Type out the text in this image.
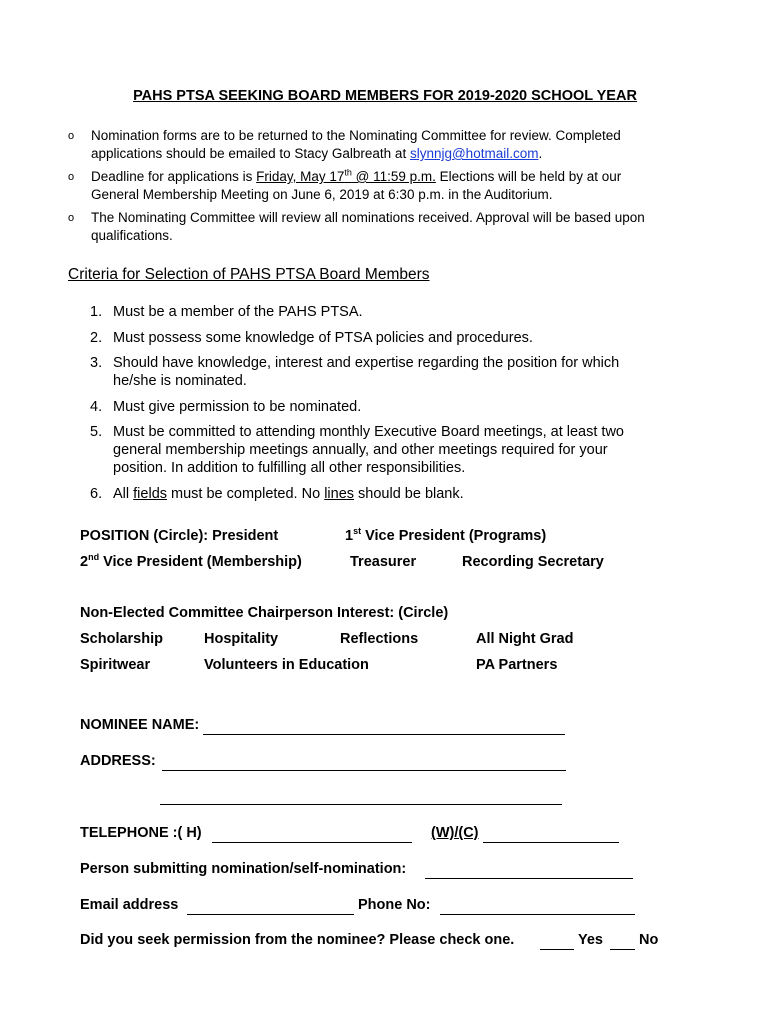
PAHS PTSA SEEKING BOARD MEMBERS FOR 2019-2020 SCHOOL YEAR
o Nomination forms are to be returned to the Nominating Committee for review. Completed
applications should be emailed to Stacy Galbreath at slynnjg@hotmail.com.
o Deadline for applications is Friday, May 17th @ 11:59 p.m. Elections will be held by at our
General Membership Meeting on June 6, 2019 at 6:30 p.m. in the Auditorium.
o The Nominating Committee will review all nominations received. Approval will be based upon
qualifications.
Criteria for Selection of PAHS PTSA Board Members
1. Must be a member of the PAHS PTSA.
2. Must possess some knowledge of PTSA policies and procedures.
3. Should have knowledge, interest and expertise regarding the position for which
he/she is nominated.
4. Must give permission to be nominated.
5. Must be committed to attending monthly Executive Board meetings, at least two
general membership meetings annually, and other meetings required for your
position. In addition to fulfilling all other responsibilities.
6. All fields must be completed. No lines should be blank.
POSITION (Circle): President	1st Vice President (Programs)
2nd Vice President (Membership)	Treasurer	Recording Secretary
Non-Elected Committee Chairperson Interest: (Circle)
Scholarship	Hospitality	Reflections	All Night Grad
Spiritwear	Volunteers in Education	PA Partners
NOMINEE NAME:
ADDRESS:
TELEPHONE :( H)	(W)/(C)
Person submitting nomination/self-nomination:
Email address	Phone No:
Did you seek permission from the nominee? Please check one.	Yes No
